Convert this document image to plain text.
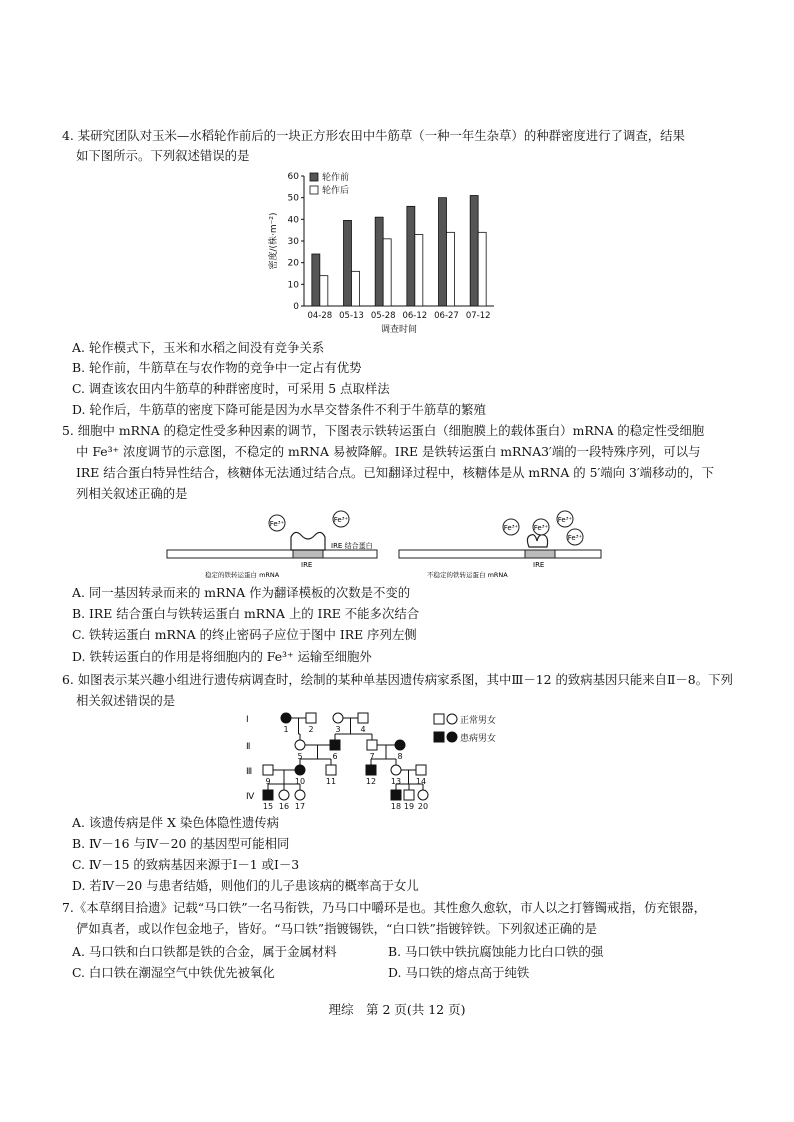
4. 某研究团队对玉米—水稻轮作前后的一块正方形农田中牛筋草（一种一年生杂草）的种群密度进行了调查，结果
如下图所示。下列叙述错误的是
0
10
20
30
40
50
60
04-28 05-13 05-28 06-12 06-27 07-12
调查时间
密度/(株·m⁻²)
轮作前
轮作后
A. 轮作模式下，玉米和水稻之间没有竞争关系
B. 轮作前，牛筋草在与农作物的竞争中一定占有优势
C. 调查该农田内牛筋草的种群密度时，可采用 5 点取样法
D. 轮作后，牛筋草的密度下降可能是因为水旱交替条件不利于牛筋草的繁殖
5. 细胞中 mRNA 的稳定性受多种因素的调节，下图表示铁转运蛋白（细胞膜上的载体蛋白）mRNA 的稳定性受细胞
中 Fe³⁺ 浓度调节的示意图，不稳定的 mRNA 易被降解。IRE 是铁转运蛋白 mRNA3′端的一段特殊序列，可以与
IRE 结合蛋白特异性结合，核糖体无法通过结合点。已知翻译过程中，核糖体是从 mRNA 的 5′端向 3′端移动的，下
列相关叙述正确的是
Fe³⁺	Fe³⁺
IRE 结合蛋白
IRE
稳定的铁转运蛋白 mRNA
Fe³⁺ Fe³⁺
Fe³⁺
Fe³⁺
IRE
不稳定的铁转运蛋白 mRNA
A. 同一基因转录而来的 mRNA 作为翻译模板的次数是不变的
B. IRE 结合蛋白与铁转运蛋白 mRNA 上的 IRE 不能多次结合
C. 铁转运蛋白 mRNA 的终止密码子应位于图中 IRE 序列左侧
D. 铁转运蛋白的作用是将细胞内的 Fe³⁺ 运输至细胞外
6. 如图表示某兴趣小组进行遗传病调查时，绘制的某种单基因遗传病家系图，其中Ⅲ－12 的致病基因只能来自Ⅱ－8。下列
相关叙述错误的是
1 2	3 4
5	6	7	8
9	10	11	12 13 14
15 16 17	18 19 20
Ⅰ
Ⅱ
Ⅲ
Ⅳ
正常男女
患病男女
A. 该遗传病是伴 X 染色体隐性遗传病
B. Ⅳ－16 与Ⅳ－20 的基因型可能相同
C. Ⅳ－15 的致病基因来源于Ⅰ－1 或Ⅰ－3
D. 若Ⅳ－20 与患者结婚，则他们的儿子患该病的概率高于女儿
7.《本草纲目拾遗》记载“马口铁”一名马衔铁，乃马口中嚼环是也。其性愈久愈软，市人以之打簪镯戒指，仿充银器，
俨如真者，或以作包金地子，皆好。“马口铁”指镀锡铁，“白口铁”指镀锌铁。下列叙述正确的是
A. 马口铁和白口铁都是铁的合金，属于金属材料	B. 马口铁中铁抗腐蚀能力比白口铁的强
C. 白口铁在潮湿空气中铁优先被氧化	D. 马口铁的熔点高于纯铁
理综　第 2 页(共 12 页)
